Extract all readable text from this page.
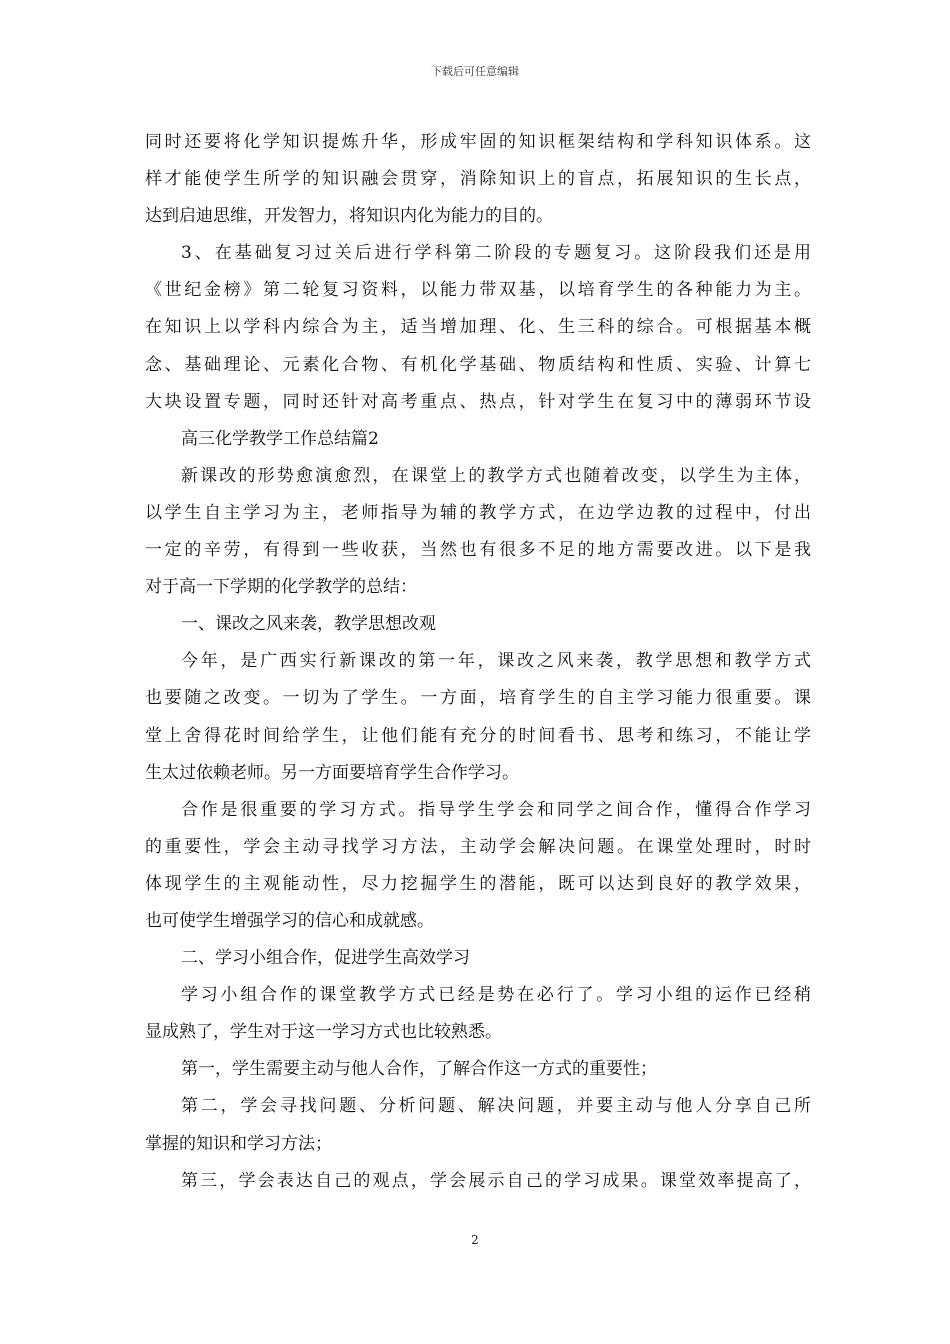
下载后可任意编辑
同时还要将化学知识提炼升华，形成牢固的知识框架结构和学科知识体系。这
样才能使学生所学的知识融会贯穿，消除知识上的盲点，拓展知识的生长点，
达到启迪思维，开发智力，将知识内化为能力的目的。
3、在基础复习过关后进行学科第二阶段的专题复习。这阶段我们还是用
《世纪金榜》第二轮复习资料，以能力带双基，以培育学生的各种能力为主。
在知识上以学科内综合为主，适当增加理、化、生三科的综合。可根据基本概
念、基础理论、元素化合物、有机化学基础、物质结构和性质、实验、计算七
大块设置专题，同时还针对高考重点、热点，针对学生在复习中的薄弱环节设
高三化学教学工作总结篇2
新课改的形势愈演愈烈，在课堂上的教学方式也随着改变，以学生为主体，
以学生自主学习为主，老师指导为辅的教学方式，在边学边教的过程中，付出
一定的辛劳，有得到一些收获，当然也有很多不足的地方需要改进。以下是我
对于高一下学期的化学教学的总结：
一、课改之风来袭，教学思想改观
今年，是广西实行新课改的第一年，课改之风来袭，教学思想和教学方式
也要随之改变。一切为了学生。一方面，培育学生的自主学习能力很重要。课
堂上舍得花时间给学生，让他们能有充分的时间看书、思考和练习，不能让学
生太过依赖老师。另一方面要培育学生合作学习。
合作是很重要的学习方式。指导学生学会和同学之间合作，懂得合作学习
的重要性，学会主动寻找学习方法，主动学会解决问题。在课堂处理时，时时
体现学生的主观能动性，尽力挖掘学生的潜能，既可以达到良好的教学效果，
也可使学生增强学习的信心和成就感。
二、学习小组合作，促进学生高效学习
学习小组合作的课堂教学方式已经是势在必行了。学习小组的运作已经稍
显成熟了，学生对于这一学习方式也比较熟悉。
第一，学生需要主动与他人合作，了解合作这一方式的重要性；
第二，学会寻找问题、分析问题、解决问题，并要主动与他人分享自己所
掌握的知识和学习方法；
第三，学会表达自己的观点，学会展示自己的学习成果。课堂效率提高了，
2
